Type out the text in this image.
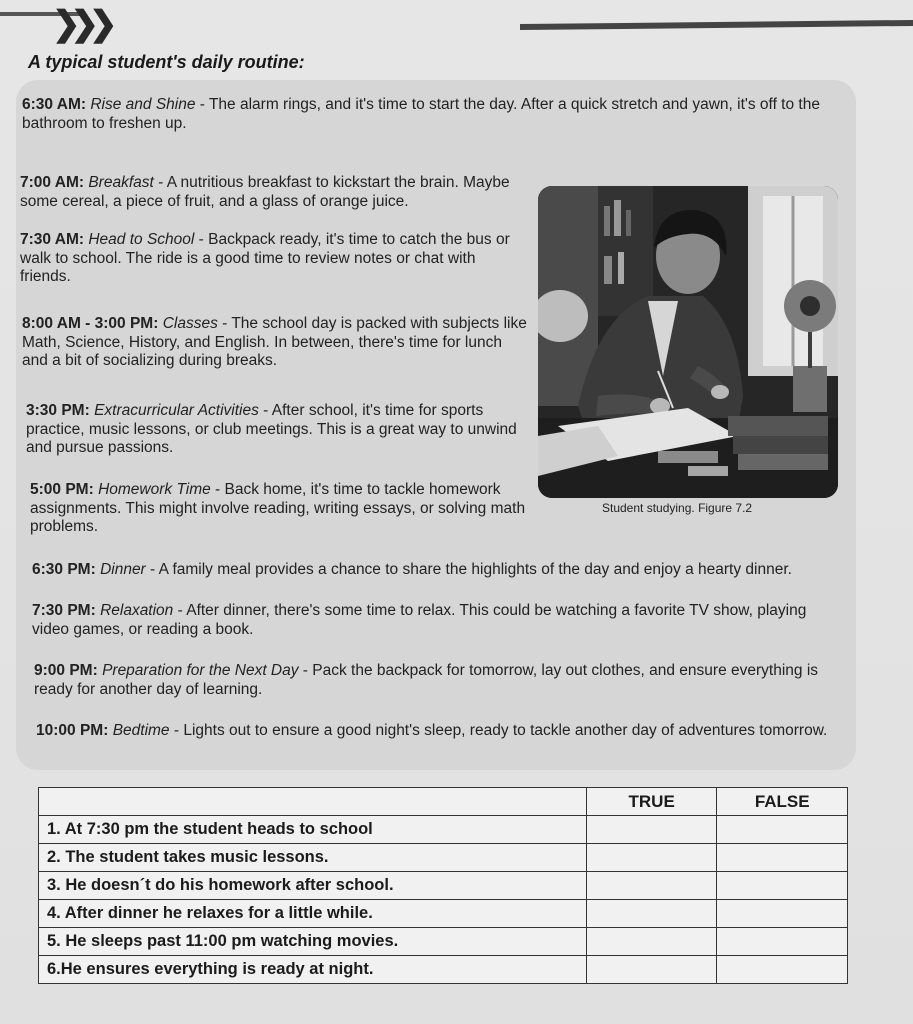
❯❯❯
A typical student's daily routine:
6:30 AM: Rise and Shine - The alarm rings, and it's time to start the day. After a quick stretch and yawn, it's off to the bathroom to freshen up.
7:00 AM: Breakfast - A nutritious breakfast to kickstart the brain. Maybe some cereal, a piece of fruit, and a glass of orange juice.
7:30 AM: Head to School - Backpack ready, it's time to catch the bus or walk to school. The ride is a good time to review notes or chat with friends.
8:00 AM - 3:00 PM: Classes - The school day is packed with subjects like Math, Science, History, and English. In between, there's time for lunch and a bit of socializing during breaks.
3:30 PM: Extracurricular Activities - After school, it's time for sports practice, music lessons, or club meetings. This is a great way to unwind and pursue passions.
5:00 PM: Homework Time - Back home, it's time to tackle homework assignments. This might involve reading, writing essays, or solving math problems.
6:30 PM: Dinner - A family meal provides a chance to share the highlights of the day and enjoy a hearty dinner.
7:30 PM: Relaxation - After dinner, there's some time to relax. This could be watching a favorite TV show, playing video games, or reading a book.
9:00 PM: Preparation for the Next Day - Pack the backpack for tomorrow, lay out clothes, and ensure everything is ready for another day of learning.
10:00 PM: Bedtime - Lights out to ensure a good night's sleep, ready to tackle another day of adventures tomorrow.
Student studying. Figure 7.2
	TRUE	FALSE
1. At 7:30 pm the student heads to school		
2. The student takes music lessons.		
3. He doesn´t do his homework after school.		
4. After dinner he relaxes for a little while.		
5. He sleeps past 11:00 pm watching movies.		
6.He ensures everything is ready at night.		
